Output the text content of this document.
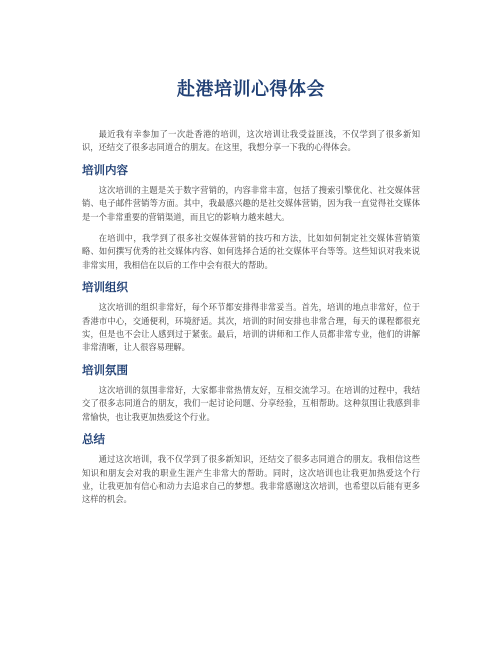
赴港培训心得体会

最近我有幸参加了一次赴香港的培训，这次培训让我受益匪浅，不仅学到了很多新知识，还结交了很多志同道合的朋友。在这里，我想分享一下我的心得体会。

培训内容

这次培训的主题是关于数字营销的，内容非常丰富，包括了搜索引擎优化、社交媒体营销、电子邮件营销等方面。其中，我最感兴趣的是社交媒体营销，因为我一直觉得社交媒体是一个非常重要的营销渠道，而且它的影响力越来越大。

在培训中，我学到了很多社交媒体营销的技巧和方法，比如如何制定社交媒体营销策略、如何撰写优秀的社交媒体内容、如何选择合适的社交媒体平台等等。这些知识对我来说非常实用，我相信在以后的工作中会有很大的帮助。

培训组织

这次培训的组织非常好，每个环节都安排得非常妥当。首先，培训的地点非常好，位于香港市中心，交通便利，环境舒适。其次，培训的时间安排也非常合理，每天的课程都很充实，但是也不会让人感到过于紧张。最后，培训的讲师和工作人员都非常专业，他们的讲解非常清晰，让人很容易理解。

培训氛围

这次培训的氛围非常好，大家都非常热情友好，互相交流学习。在培训的过程中，我结交了很多志同道合的朋友，我们一起讨论问题、分享经验，互相帮助。这种氛围让我感到非常愉快，也让我更加热爱这个行业。

总结

通过这次培训，我不仅学到了很多新知识，还结交了很多志同道合的朋友。我相信这些知识和朋友会对我的职业生涯产生非常大的帮助。同时，这次培训也让我更加热爱这个行业，让我更加有信心和动力去追求自己的梦想。我非常感谢这次培训，也希望以后能有更多这样的机会。
